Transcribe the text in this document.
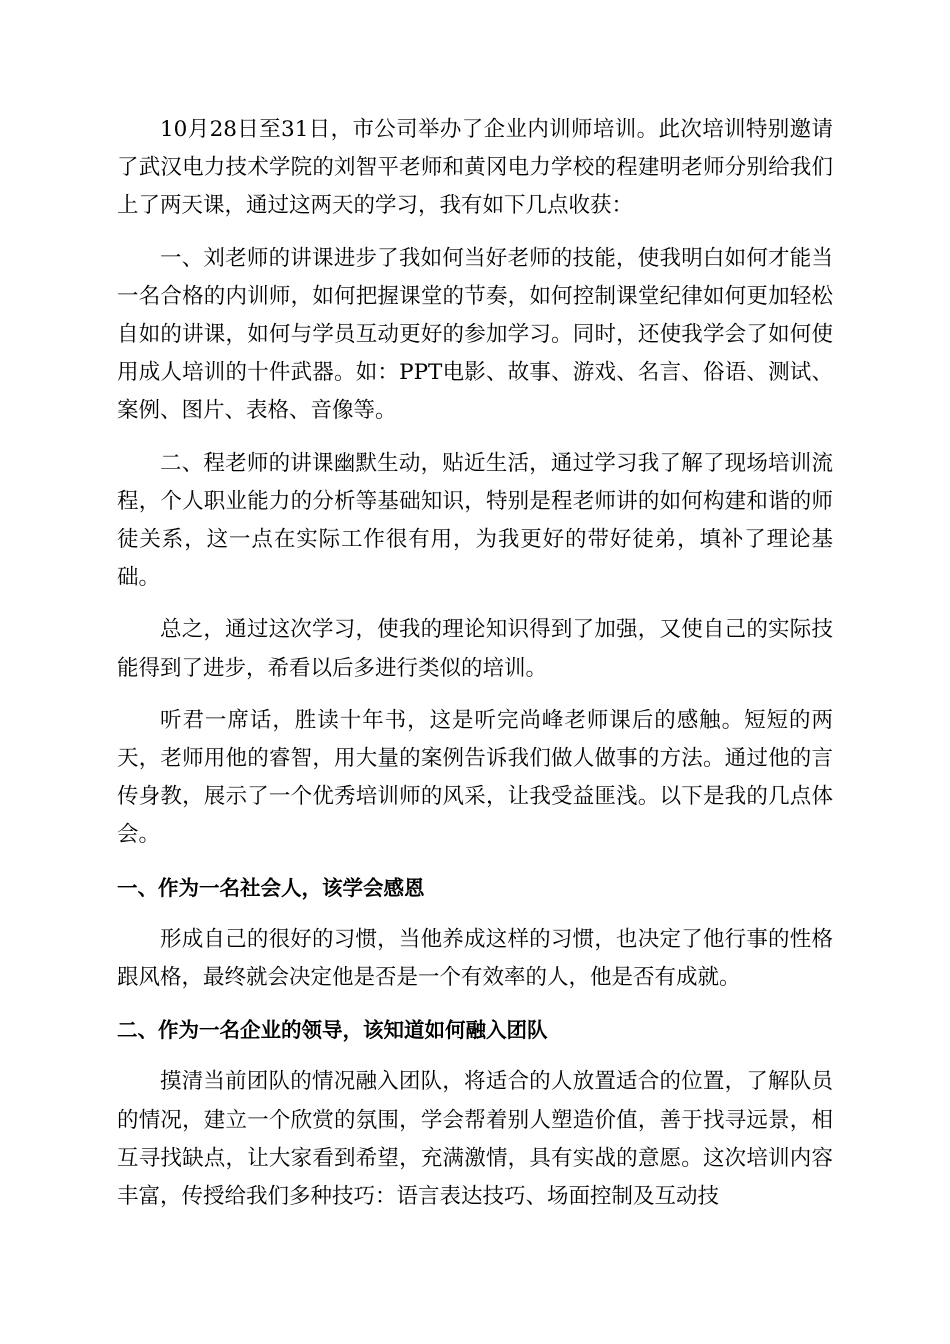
10月28日至31日，市公司举办了企业内训师培训。此次培训特别邀请了武汉电力技术学院的刘智平老师和黄冈电力学校的程建明老师分别给我们上了两天课，通过这两天的学习，我有如下几点收获：

一、刘老师的讲课进步了我如何当好老师的技能，使我明白如何才能当一名合格的内训师，如何把握课堂的节奏，如何控制课堂纪律如何更加轻松自如的讲课，如何与学员互动更好的参加学习。同时，还使我学会了如何使用成人培训的十件武器。如：PPT电影、故事、游戏、名言、俗语、测试、案例、图片、表格、音像等。

二、程老师的讲课幽默生动，贴近生活，通过学习我了解了现场培训流程，个人职业能力的分析等基础知识，特别是程老师讲的如何构建和谐的师徒关系，这一点在实际工作很有用，为我更好的带好徒弟，填补了理论基础。

总之，通过这次学习，使我的理论知识得到了加强，又使自己的实际技能得到了进步，希看以后多进行类似的培训。

听君一席话，胜读十年书，这是听完尚峰老师课后的感触。短短的两天，老师用他的睿智，用大量的案例告诉我们做人做事的方法。通过他的言传身教，展示了一个优秀培训师的风采，让我受益匪浅。以下是我的几点体会。

一、作为一名社会人，该学会感恩

形成自己的很好的习惯，当他养成这样的习惯，也决定了他行事的性格跟风格，最终就会决定他是否是一个有效率的人，他是否有成就。

二、作为一名企业的领导，该知道如何融入团队

摸清当前团队的情况融入团队，将适合的人放置适合的位置，了解队员的情况，建立一个欣赏的氛围，学会帮着别人塑造价值，善于找寻远景，相互寻找缺点，让大家看到希望，充满激情，具有实战的意愿。这次培训内容丰富，传授给我们多种技巧：语言表达技巧、场面控制及互动技
